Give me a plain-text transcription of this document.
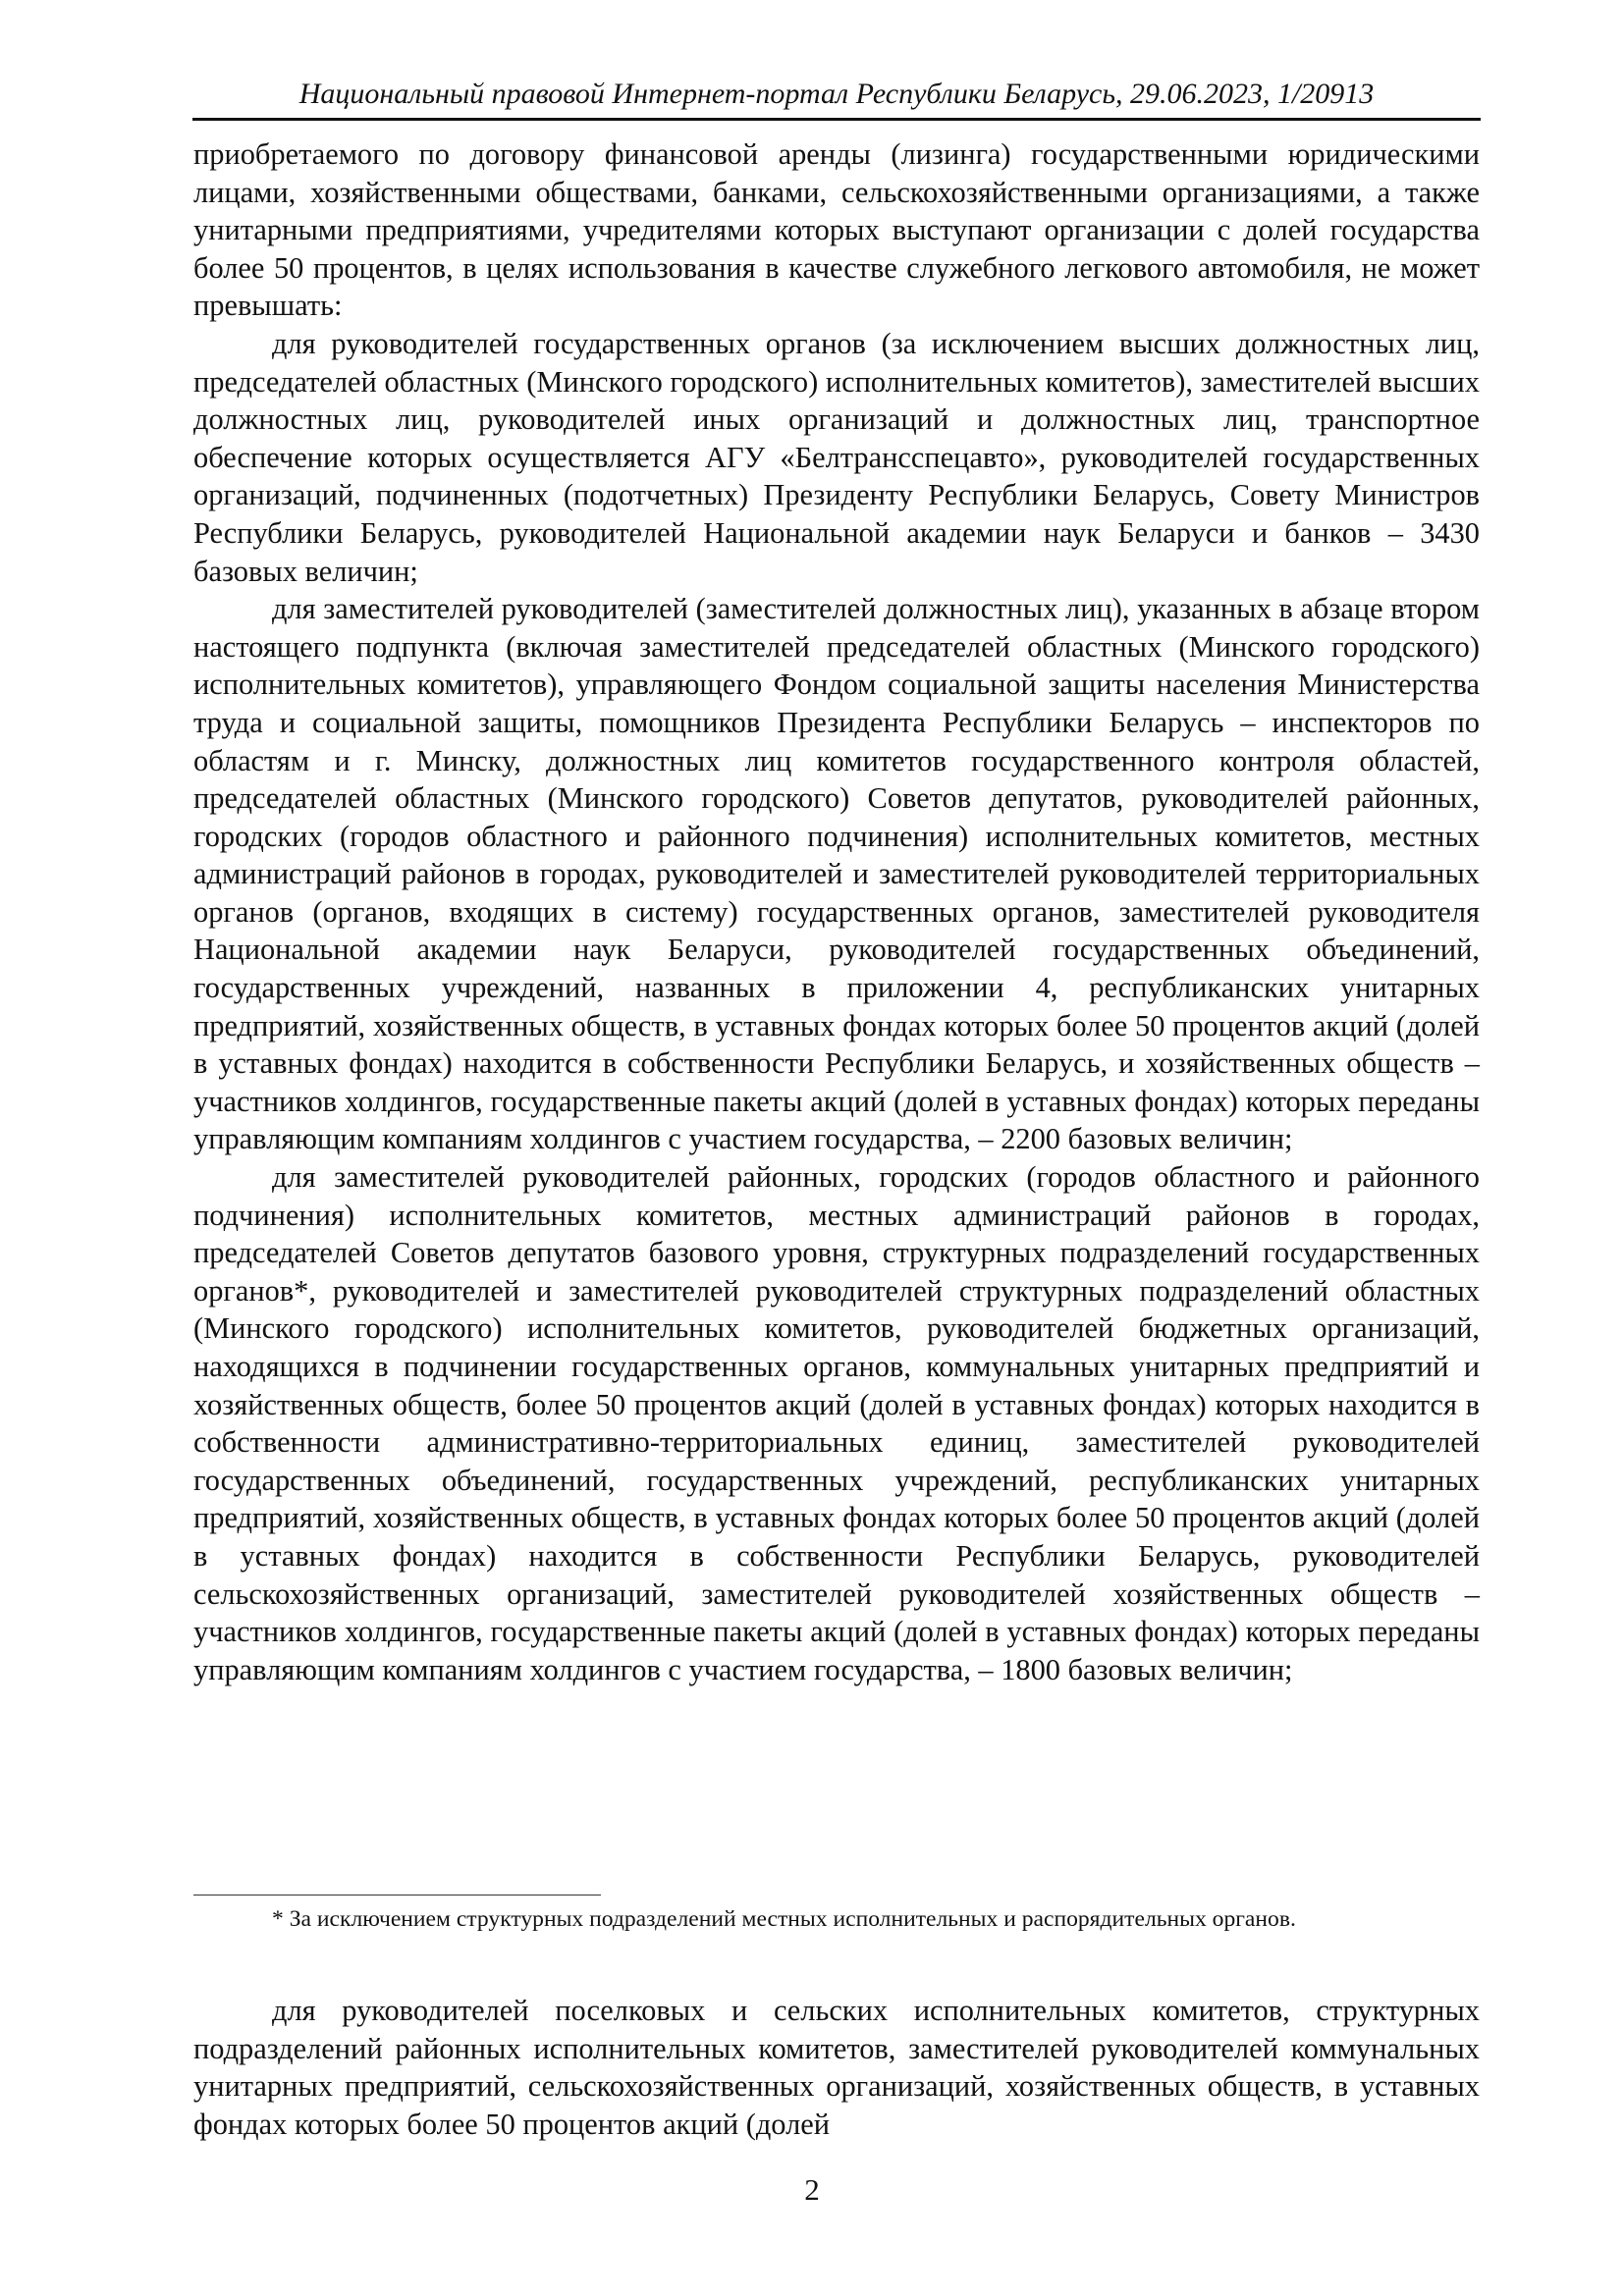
Национальный правовой Интернет-портал Республики Беларусь, 29.06.2023, 1/20913

приобретаемого по договору финансовой аренды (лизинга) государственными юридическими лицами, хозяйственными обществами, банками, сельскохозяйственными организациями, а также унитарными предприятиями, учредителями которых выступают организации с долей государства более 50 процентов, в целях использования в качестве служебного легкового автомобиля, не может превышать:

для руководителей государственных органов (за исключением высших должностных лиц, председателей областных (Минского городского) исполнительных комитетов), заместителей высших должностных лиц, руководителей иных организаций и должностных лиц, транспортное обеспечение которых осуществляется АГУ «Белтрансспецавто», руководителей государственных организаций, подчиненных (подотчетных) Президенту Республики Беларусь, Совету Министров Республики Беларусь, руководителей Национальной академии наук Беларуси и банков – 3430 базовых величин;

для заместителей руководителей (заместителей должностных лиц), указанных в абзаце втором настоящего подпункта (включая заместителей председателей областных (Минского городского) исполнительных комитетов), управляющего Фондом социальной защиты населения Министерства труда и социальной защиты, помощников Президента Республики Беларусь – инспекторов по областям и г. Минску, должностных лиц комитетов государственного контроля областей, председателей областных (Минского городского) Советов депутатов, руководителей районных, городских (городов областного и районного подчинения) исполнительных комитетов, местных администраций районов в городах, руководителей и заместителей руководителей территориальных органов (органов, входящих в систему) государственных органов, заместителей руководителя Национальной академии наук Беларуси, руководителей государственных объединений, государственных учреждений, названных в приложении 4, республиканских унитарных предприятий, хозяйственных обществ, в уставных фондах которых более 50 процентов акций (долей в уставных фондах) находится в собственности Республики Беларусь, и хозяйственных обществ – участников холдингов, государственные пакеты акций (долей в уставных фондах) которых переданы управляющим компаниям холдингов с участием государства, – 2200 базовых величин;

для заместителей руководителей районных, городских (городов областного и районного подчинения) исполнительных комитетов, местных администраций районов в городах, председателей Советов депутатов базового уровня, структурных подразделений государственных органов*, руководителей и заместителей руководителей структурных подразделений областных (Минского городского) исполнительных комитетов, руководителей бюджетных организаций, находящихся в подчинении государственных органов, коммунальных унитарных предприятий и хозяйственных обществ, более 50 процентов акций (долей в уставных фондах) которых находится в собственности административно-территориальных единиц, заместителей руководителей государственных объединений, государственных учреждений, республиканских унитарных предприятий, хозяйственных обществ, в уставных фондах которых более 50 процентов акций (долей в уставных фондах) находится в собственности Республики Беларусь, руководителей сельскохозяйственных организаций, заместителей руководителей хозяйственных обществ – участников холдингов, государственные пакеты акций (долей в уставных фондах) которых переданы управляющим компаниям холдингов с участием государства, – 1800 базовых величин;

* За исключением структурных подразделений местных исполнительных и распорядительных органов.

для руководителей поселковых и сельских исполнительных комитетов, структурных подразделений районных исполнительных комитетов, заместителей руководителей коммунальных унитарных предприятий, сельскохозяйственных организаций, хозяйственных обществ, в уставных фондах которых более 50 процентов акций (долей

2
